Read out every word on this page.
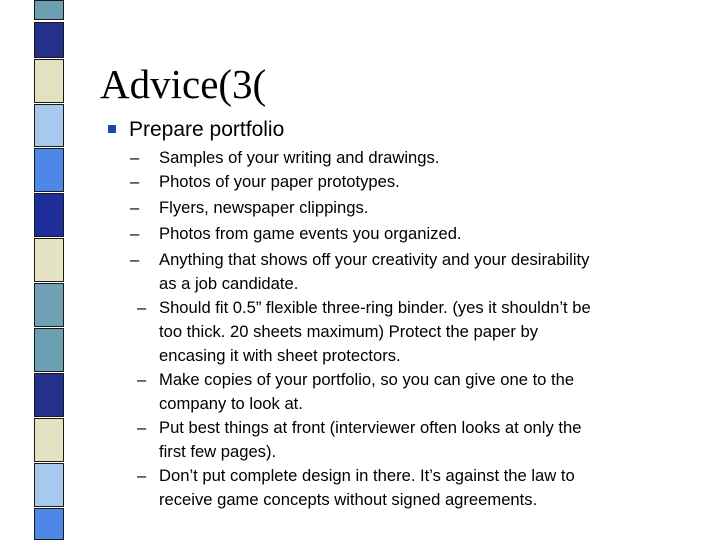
Advice(3(
Prepare portfolio
– Samples of your writing and drawings.
– Photos of your paper prototypes.
– Flyers, newspaper clippings.
– Photos from game events you organized.
– Anything that shows off your creativity and your desirability
as a job candidate.
– Should fit 0.5” flexible three-ring binder. (yes it shouldn’t be
too thick. 20 sheets maximum) Protect the paper by
encasing it with sheet protectors.
– Make copies of your portfolio, so you can give one to the
company to look at.
– Put best things at front (interviewer often looks at only the
first few pages).
– Don’t put complete design in there. It’s against the law to
receive game concepts without signed agreements.
